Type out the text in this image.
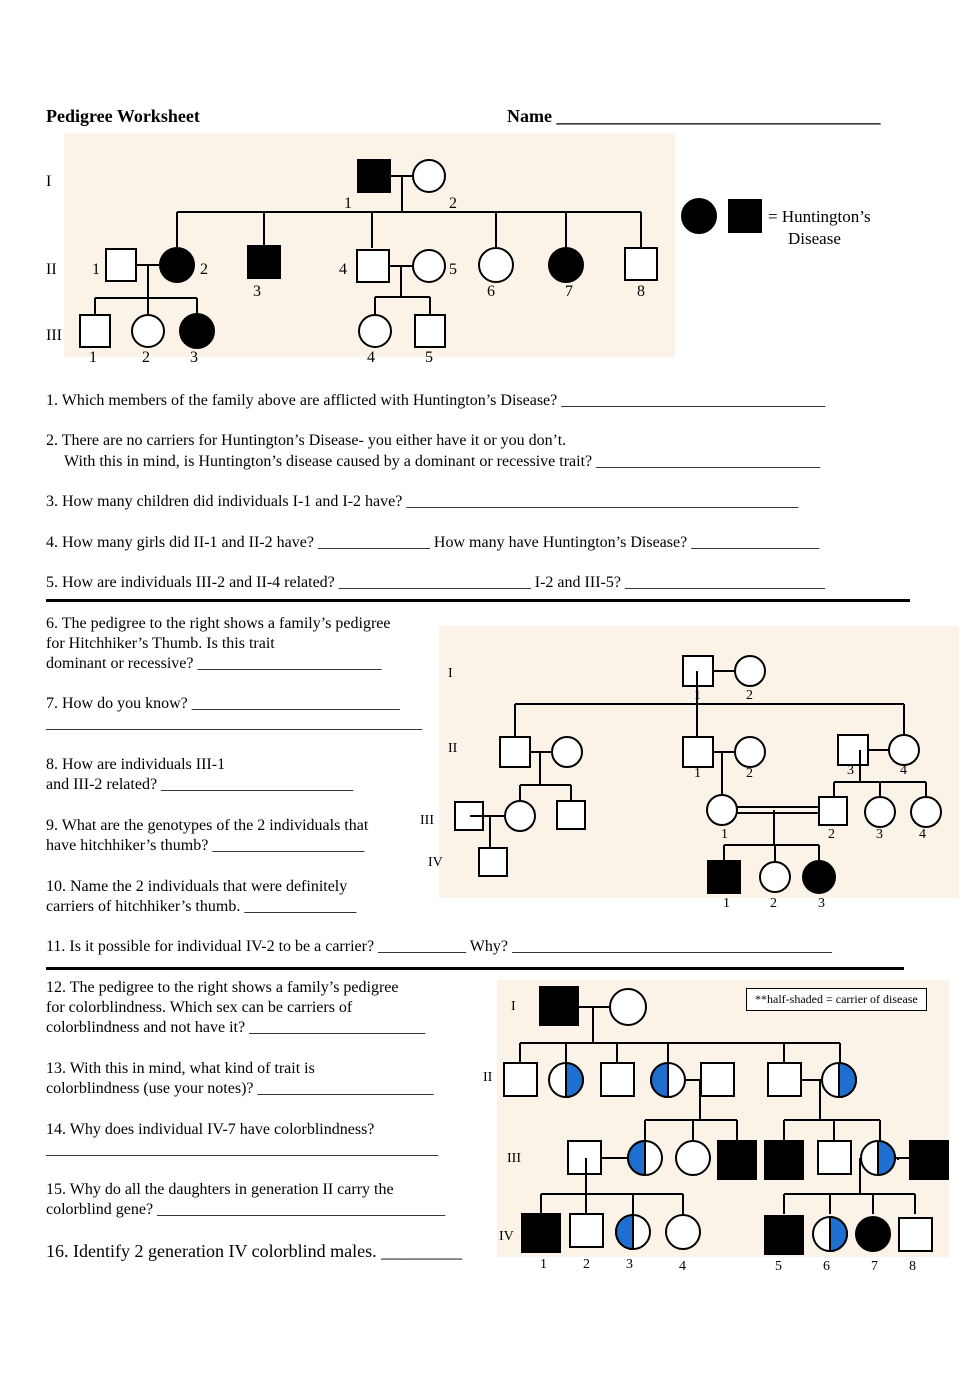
Pedigree Worksheet	Name ____________________________________
I
II
III
1	2
1	2
3
4	5
6	7	8
1	2	3	4	5
= Huntington’s
Disease
1. Which members of the family above are afflicted with Huntington’s Disease? _________________________________
2. There are no carriers for Huntington’s Disease- you either have it or you don’t.
With this in mind, is Huntington’s disease caused by a dominant or recessive trait? ____________________________
3. How many children did individuals I-1 and I-2 have? _________________________________________________
4. How many girls did II-1 and II-2 have? ______________ How many have Huntington’s Disease? ________________
5. How are individuals III-2 and II-4 related? ________________________ I-2 and III-5? _________________________
6. The pedigree to the right shows a family’s pedigree
for Hitchhiker’s Thumb. Is this trait
dominant or recessive? _______________________
7. How do you know? __________________________
_______________________________________________
8. How are individuals III-1
and III-2 related? ________________________
9. What are the genotypes of the 2 individuals that
have hitchhiker’s thumb? ___________________
10. Name the 2 individuals that were definitely
carriers of hitchhiker’s thumb. ______________
11. Is it possible for individual IV-2 to be a carrier? ___________ Why? ________________________________________
I
II
III
IV
1	2
1	2	3	4
1	2	3	4
1	2	3
12. The pedigree to the right shows a family’s pedigree
for colorblindness. Which sex can be carriers of
colorblindness and not have it? ______________________
13. With this in mind, what kind of trait is
colorblindness (use your notes)? ______________________
14. Why does individual IV-7 have colorblindness?
_________________________________________________
15. Why do all the daughters in generation II carry the
colorblind gene? ____________________________________
16. Identify 2 generation IV colorblind males. _________
**half-shaded = carrier of disease
I
II
III
IV
1	2	3	4	5	6	7 8
